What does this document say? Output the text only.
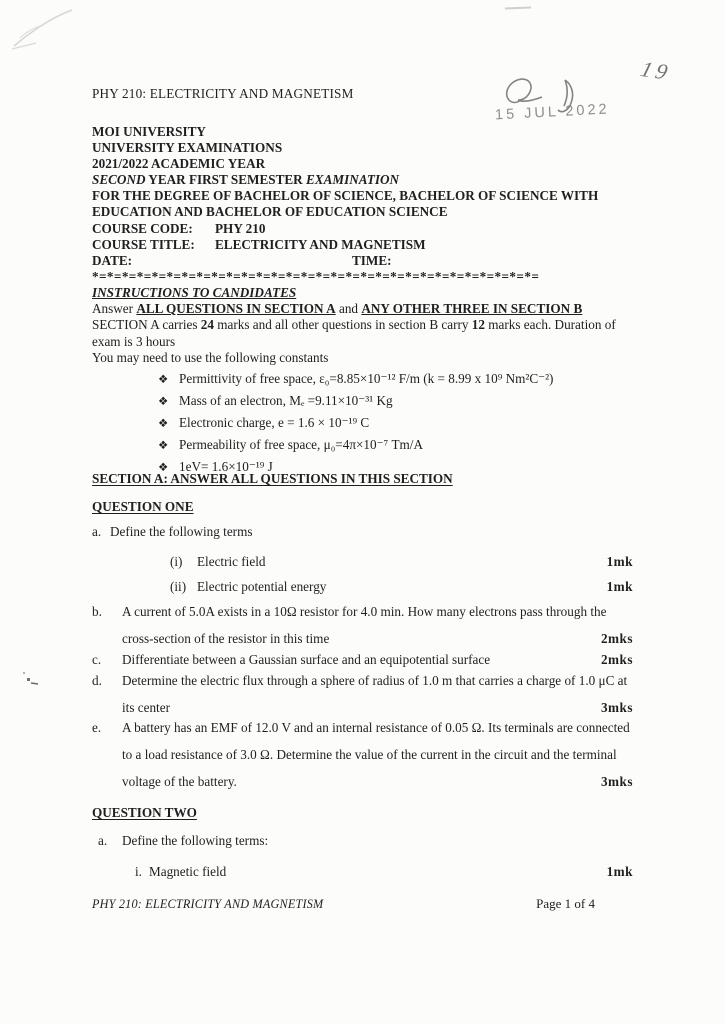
19
15 JUL 2022
PHY 210: ELECTRICITY AND MAGNETISM
MOI UNIVERSITY
UNIVERSITY EXAMINATIONS
2021/2022 ACADEMIC YEAR
SECOND YEAR FIRST SEMESTER EXAMINATION
FOR THE DEGREE OF BACHELOR OF SCIENCE, BACHELOR OF SCIENCE WITH
EDUCATION AND BACHELOR OF EDUCATION SCIENCE
COURSE CODE: PHY 210
COURSE TITLE: ELECTRICITY AND MAGNETISM
DATE:	TIME:
*=*=*=*=*=*=*=*=*=*=*=*=*=*=*=*=*=*=*=*=*=*=*=*=*=*=*=*=*=*=
INSTRUCTIONS TO CANDIDATES
Answer ALL QUESTIONS IN SECTION A and ANY OTHER THREE IN SECTION B
SECTION A carries 24 marks and all other questions in section B carry 12 marks each. Duration of
exam is 3 hours
You may need to use the following constants
❖ Permittivity of free space, ε₀=8.85×10⁻¹² F/m (k = 8.99 x 10⁹ Nm²C⁻²)
❖ Mass of an electron, Mₑ =9.11×10⁻³¹ Kg
❖ Electronic charge, e = 1.6 × 10⁻¹⁹ C
❖ Permeability of free space, μ₀=4π×10⁻⁷ Tm/A
❖ 1eV= 1.6×10⁻¹⁹ J
SECTION A: ANSWER ALL QUESTIONS IN THIS SECTION
QUESTION ONE
a. Define the following terms
(i) Electric field	1mk
(ii) Electric potential energy	1mk
b.	A current of 5.0A exists in a 10Ω resistor for 4.0 min. How many electrons pass through the
cross-section of the resistor in this time	2mks
c.	Differentiate between a Gaussian surface and an equipotential surface	2mks
d.	Determine the electric flux through a sphere of radius of 1.0 m that carries a charge of 1.0 μC at
its center	3mks
e.	A battery has an EMF of 12.0 V and an internal resistance of 0.05 Ω. Its terminals are connected
to a load resistance of 3.0 Ω. Determine the value of the current in the circuit and the terminal
voltage of the battery.	3mks
QUESTION TWO
a. Define the following terms:
i. Magnetic field	1mk
PHY 210: ELECTRICITY AND MAGNETISM	Page 1 of 4
